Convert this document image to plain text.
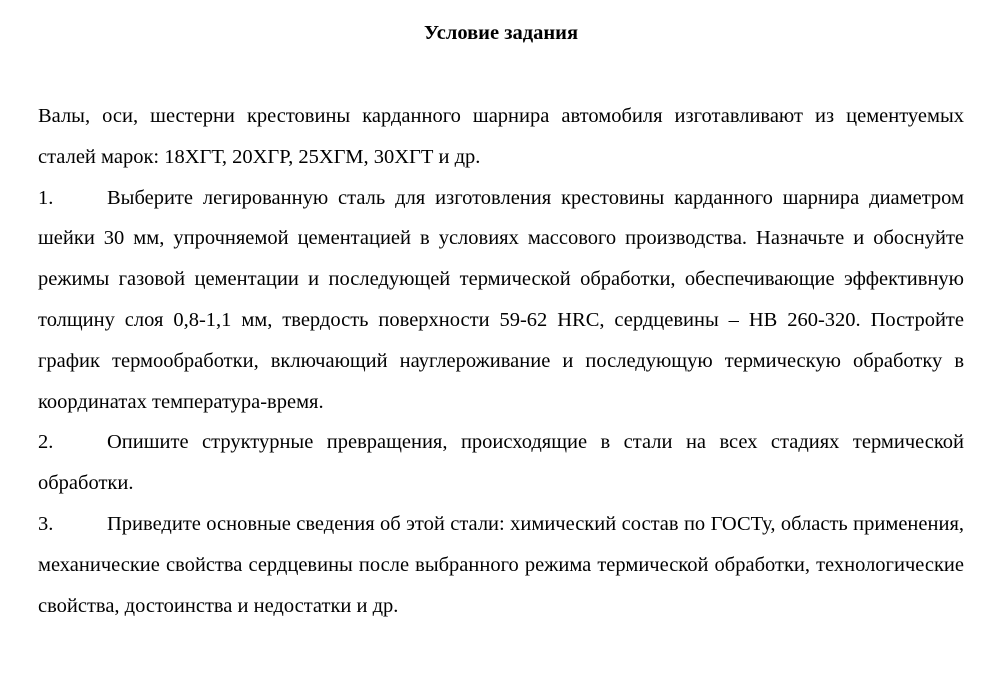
Условие задания

Валы, оси, шестерни крестовины карданного шарнира автомобиля изготавливают из цементуемых сталей марок: 18ХГТ, 20ХГР, 25ХГМ, 30ХГТ и др.

1.	Выберите легированную сталь для изготовления крестовины карданного шарнира диаметром шейки 30 мм, упрочняемой цементацией в условиях массового производства. Назначьте и обоснуйте режимы газовой цементации и последующей термической обработки, обеспечивающие эффективную толщину слоя 0,8-1,1 мм, твердость поверхности 59-62 HRC, сердцевины – НВ 260-320. Постройте график термообработки, включающий науглероживание и последующую термическую обработку в координатах температура-время.

2.	Опишите структурные превращения, происходящие в стали на всех стадиях термической обработки.

3.	Приведите основные сведения об этой стали: химический состав по ГОСТу, область применения, механические свойства сердцевины после выбранного режима термической обработки, технологические свойства, достоинства и недостатки и др.
